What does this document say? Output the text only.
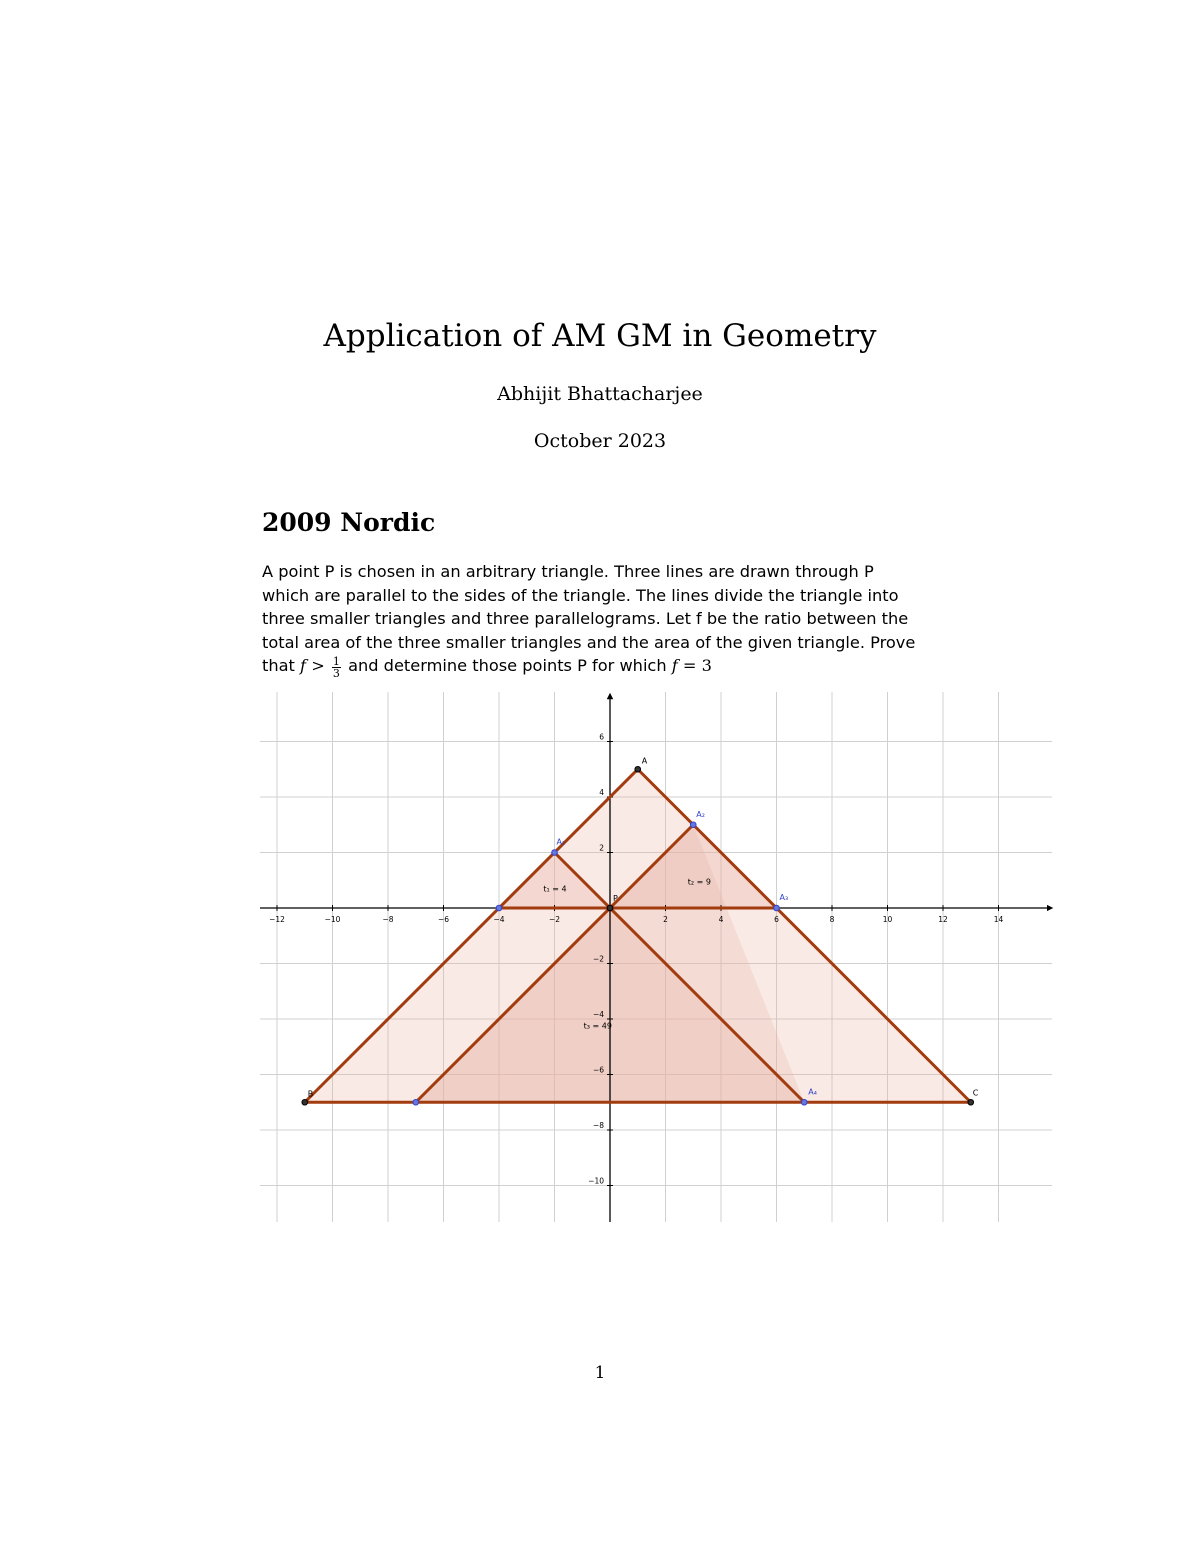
Application of AM GM in Geometry
Abhijit Bhattacharjee
October 2023
2009 Nordic
A point P is chosen in an arbitrary triangle. Three lines are drawn through P
which are parallel to the sides of the triangle. The lines divide the triangle into
three smaller triangles and three parallelograms. Let f be the ratio between the
total area of the three smaller triangles and the area of the given triangle. Prove
that $f > \frac{1}{3}$ and determine those points P for which f = 3
−12	−10	−8	−6	−4	−2	2	4	6	8	10	12	14
6
4
2
−2
−4
−6
−8
−10
A
B	C
P
A₁
A₂
A₃
A₄
t₁ = 4
t₂ = 9
t₃ = 49
1
